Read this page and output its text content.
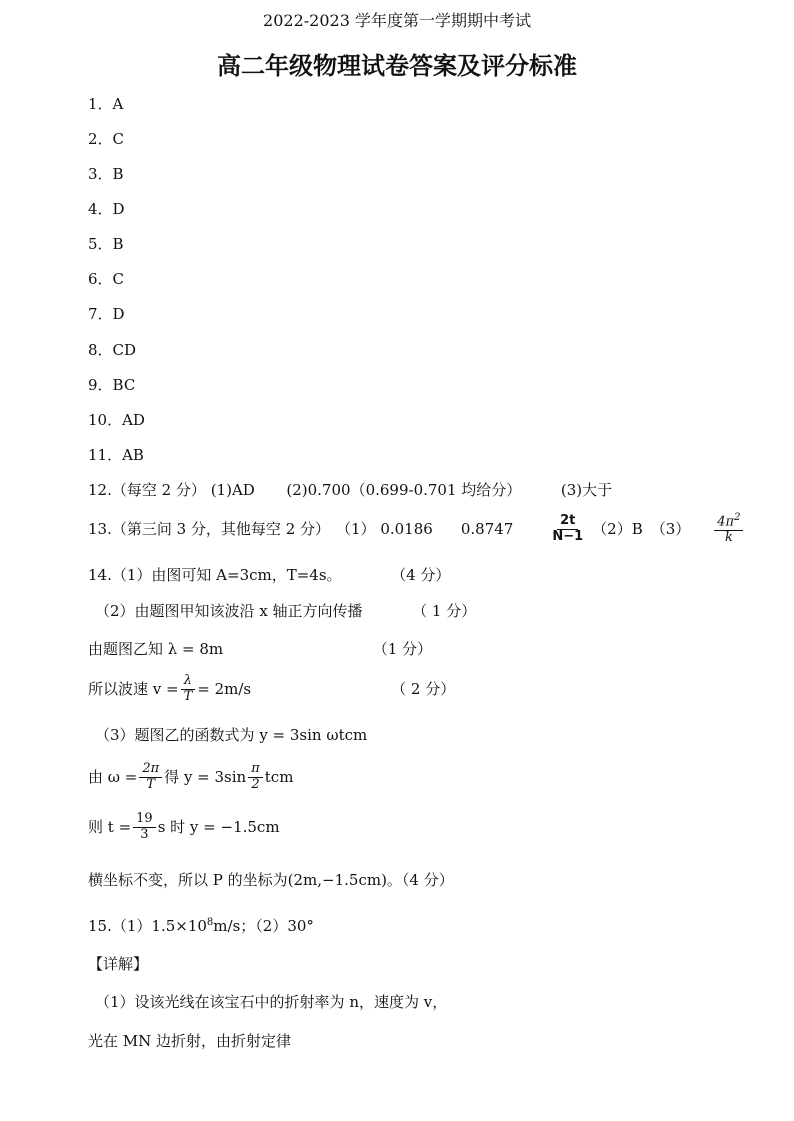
2022-2023 学年度第一学期期中考试
高二年级物理试卷答案及评分标准
1．A
2．C
3．B
4．D
5．B
6．C
7．D
8．CD
9．BC
10．AD
11．AB
12.（每空 2 分） (1)AD (2)0.700（0.699-0.701 均给分）	(3)大于
13.（第三问 3 分，其他每空 2 分） （1） 0.0186 0.8747	$\frac{2t}{N-1} (2)B$ $(3) \frac{4\pi^2}{k}$
14.（1）由图可知 A=3cm，T=4s。	（4 分）
（2）由题图甲知该波沿 x 轴正方向传播	（ 1 分）
由题图乙知 λ = 8m	（1 分）
所以波速 $v = \frac{\lambda}{T} = 2m/s$	（ 2 分）
（3）题图乙的函数式为 y = 3sin ωtcm
由 $\omega = \frac{2\pi}{T}$ 得 $y = 3\sin \frac{\pi}{2}$ tcm
则 $t = \frac{19}{3}$ s 时 y = −1.5cm
横坐标不变，所以 P 的坐标为(2m,−1.5cm)。（4 分）
$15.(1)1.5\times 10^8m/s$；（2）30°
【详解】
（1）设该光线在该宝石中的折射率为 n，速度为 v，
光在 MN 边折射，由折射定律
